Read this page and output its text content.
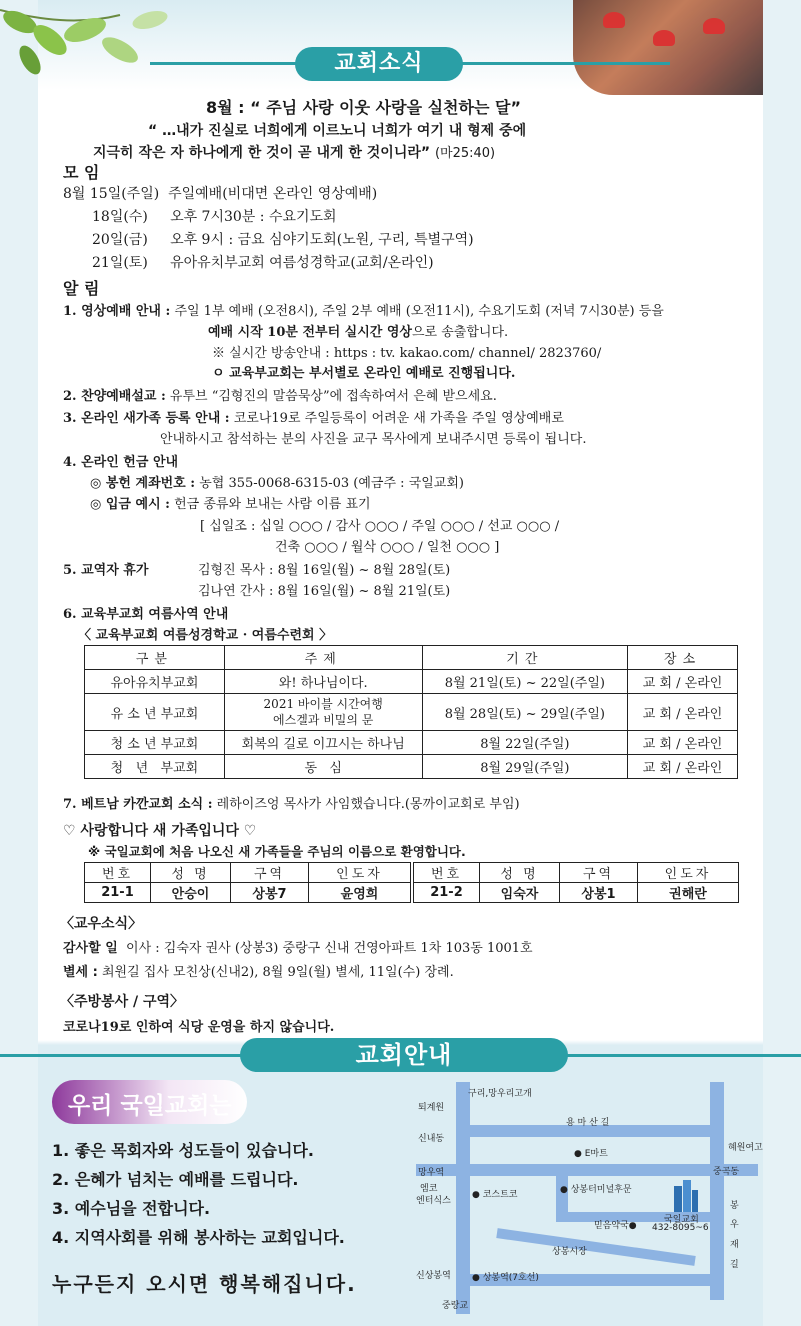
교회소식
8월 : “ 주님 사랑 이웃 사랑을 실천하는 달”
“ …내가 진실로 너희에게 이르노니 너희가 여기 내 형제 중에
지극히 작은 자 하나에게 한 것이 곧 내게 한 것이니라” (마25:40)
모 임
8월 15일(주일) 주일예배(비대면 온라인 영상예배)
18일(수) 오후 7시30분 : 수요기도회
20일(금) 오후 9시 : 금요 심야기도회(노원, 구리, 특별구역)
21일(토) 유아유치부교회 여름성경학교(교회/온라인)
알 림
1. 영상예배 안내 : 주일 1부 예배 (오전8시), 주일 2부 예배 (오전11시), 수요기도회 (저녁 7시30분) 등을
예배 시작 10분 전부터 실시간 영상으로 송출합니다.
※ 실시간 방송안내 : https : tv. kakao.com/ channel/ 2823760/
ㅇ 교육부교회는 부서별로 온라인 예배로 진행됩니다.
2. 찬양예배설교 : 유투브 “김형진의 말씀묵상”에 접속하여서 은혜 받으세요.
3. 온라인 새가족 등록 안내 : 코로나19로 주일등록이 어려운 새 가족을 주일 영상예배로
안내하시고 참석하는 분의 사진을 교구 목사에게 보내주시면 등록이 됩니다.
4. 온라인 헌금 안내
◎ 봉헌 계좌번호 : 농협 355-0068-6315-03 (예금주 : 국일교회)
◎ 입금 예시 : 헌금 종류와 보내는 사람 이름 표기
[ 십일조 : 십일 ○○○ / 감사 ○○○ / 주일 ○○○ / 선교 ○○○ /
건축 ○○○ / 월삭 ○○○ / 일천 ○○○ ]
5. 교역자 휴가	김형진 목사 : 8월 16일(월) ~ 8월 28일(토)
김나연 간사 : 8월 16일(월) ~ 8월 21일(토)
6. 교육부교회 여름사역 안내
〈 교육부교회 여름성경학교 · 여름수련회 〉
구분	주제	기간	장소
유아유치부교회	와! 하나님이다.	8월 21일(토) ~ 22일(주일)	교 회 / 온라인
유 소 년 부교회	2021 바이블 시간여행
에스겔과 비밀의 문	8월 28일(토) ~ 29일(주일)	교 회 / 온라인
청 소 년 부교회	회복의 길로 이끄시는 하나님	8월 22일(주일)	교 회 / 온라인
청   년   부교회	동   심	8월 29일(주일)	교 회 / 온라인
7. 베트남 카깐교회 소식 : 레하이즈엉 목사가 사임했습니다.(몽까이교회로 부임)
♡ 사랑합니다 새 가족입니다 ♡
※ 국일교회에 처음 나오신 새 가족들을 주님의 이름으로 환영합니다.
번호	성 명	구역	인도자
21-1	안승이	상봉7	윤영희
번호	성 명	구역	인도자
21-2	임숙자	상봉1	권해란
〈교우소식〉
감사할 일 이사 : 김숙자 권사 (상봉3) 중랑구 신내 건영아파트 1차 103동 1001호
별세 : 최원길 집사 모친상(신내2), 8월 9일(월) 별세, 11일(수) 장례.
〈주방봉사 / 구역〉
코로나19로 인하여 식당 운영을 하지 않습니다.
교회안내
우리 국일교회는
1. 좋은 목회자와 성도들이 있습니다.
2. 은혜가 넘치는 예배를 드립니다.
3. 예수님을 전합니다.
4. 지역사회를 위해 봉사하는 교회입니다.
누구든지 오시면 행복해집니다.
구리,망우리고개
퇴계원
용 마 산 길
신내동
● E마트
혜원여고
망우역	중곡동
엠코
엔터식스
● 코스트코	● 상봉터미널후문
국일교회
432-8095~6
믿음약국●
봉
우
재
길
상봉시장
신상봉역 ● 상봉역(7호선)
중랑교
